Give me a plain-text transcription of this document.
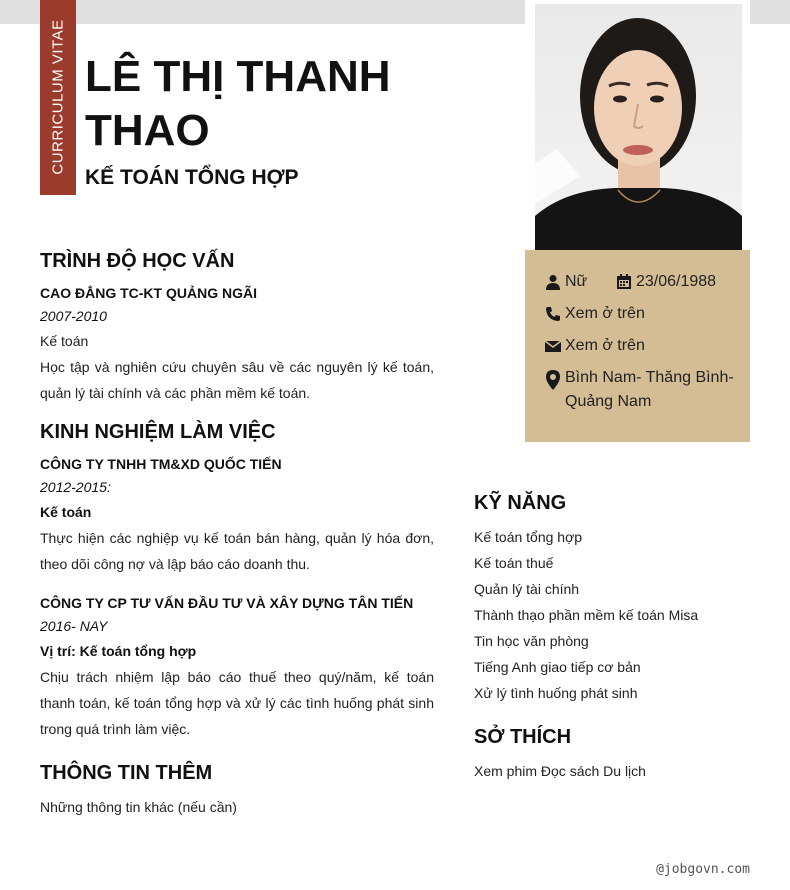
CURRICULUM VITAE LÊ THỊ THANH THAO
KẾ TOÁN TỔNG HỢP
Nữ	23/06/1988
Xem ở trên
Xem ở trên
Bình Nam- Thăng Bình- Quảng Nam
TRÌNH ĐỘ HỌC VẤN
CAO ĐẲNG TC-KT QUẢNG NGÃI
2007-2010
Kế toán
Học tập và nghiên cứu chuyên sâu về các nguyên lý kế toán, quản lý tài chính và các phần mềm kế toán.
KINH NGHIỆM LÀM VIỆC
CÔNG TY TNHH TM&XD QUỐC TIẾN
2012-2015:
Kế toán
Thực hiện các nghiệp vụ kế toán bán hàng, quản lý hóa đơn, theo dõi công nợ và lập báo cáo doanh thu.
CÔNG TY CP TƯ VẤN ĐẦU TƯ VÀ XÂY DỰNG TÂN TIẾN
2016- NAY
Vị trí: Kế toán tổng hợp
Chịu trách nhiệm lập báo cáo thuế theo quý/năm, kế toán thanh toán, kế toán tổng hợp và xử lý các tình huống phát sinh trong quá trình làm việc.
THÔNG TIN THÊM
Những thông tin khác (nếu cần)
KỸ NĂNG
Kế toán tổng hợp
Kế toán thuế
Quản lý tài chính
Thành thạo phần mềm kế toán Misa
Tin học văn phòng
Tiếng Anh giao tiếp cơ bản
Xử lý tình huống phát sinh
SỞ THÍCH
Xem phim Đọc sách Du lịch
@jobgovn.com
